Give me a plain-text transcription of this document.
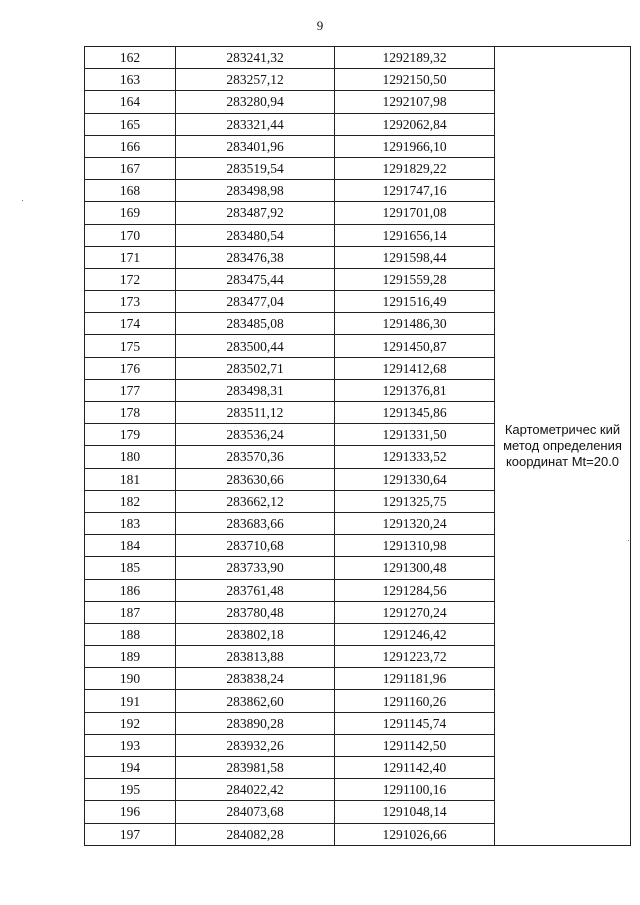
9
162	283241,32	1292189,32	Картометричес кий метод определения координат Mt=20.0
163	283257,12	1292150,50	
164	283280,94	1292107,98	
165	283321,44	1292062,84	
166	283401,96	1291966,10	
167	283519,54	1291829,22	
168	283498,98	1291747,16	
169	283487,92	1291701,08	
170	283480,54	1291656,14	
171	283476,38	1291598,44	
172	283475,44	1291559,28	
173	283477,04	1291516,49	
174	283485,08	1291486,30	
175	283500,44	1291450,87	
176	283502,71	1291412,68	
177	283498,31	1291376,81	
178	283511,12	1291345,86	
179	283536,24	1291331,50	
180	283570,36	1291333,52	
181	283630,66	1291330,64	
182	283662,12	1291325,75	
183	283683,66	1291320,24	
184	283710,68	1291310,98	
185	283733,90	1291300,48	
186	283761,48	1291284,56	
187	283780,48	1291270,24	
188	283802,18	1291246,42	
189	283813,88	1291223,72	
190	283838,24	1291181,96	
191	283862,60	1291160,26	
192	283890,28	1291145,74	
193	283932,26	1291142,50	
194	283981,58	1291142,40	
195	284022,42	1291100,16	
196	284073,68	1291048,14	
197	284082,28	1291026,66	
